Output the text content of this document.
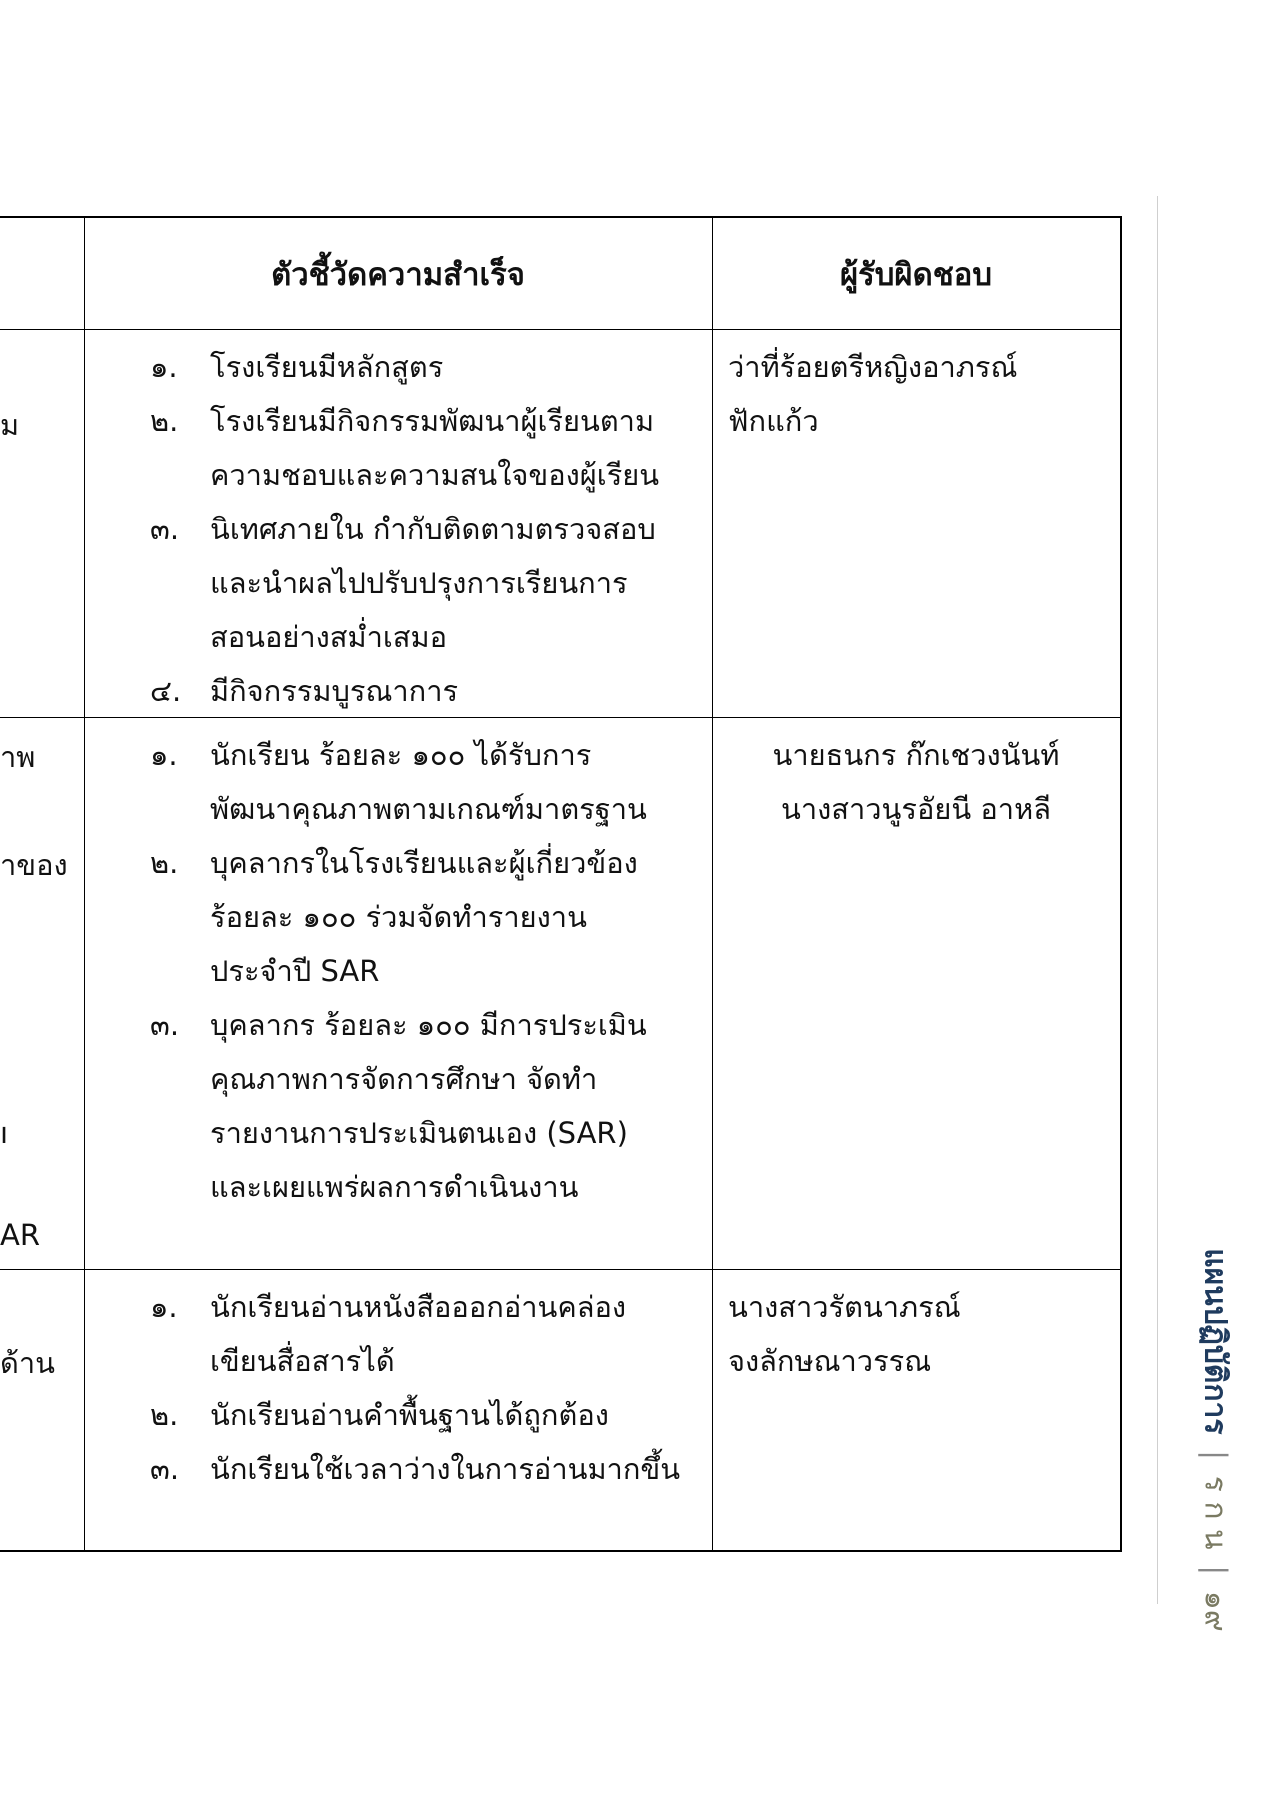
ตัวชี้วัดความสำเร็จ	ผู้รับผิดชอบ
ม
๑. โรงเรียนมีหลักสูตร
๒. โรงเรียนมีกิจกรรมพัฒนาผู้เรียนตาม
ความชอบและความสนใจของผู้เรียน
๓. นิเทศภายใน กำกับติดตามตรวจสอบ
และนำผลไปปรับปรุงการเรียนการ
สอนอย่างสม่ำเสมอ
๔. มีกิจกรรมบูรณาการ
ว่าที่ร้อยตรีหญิงอาภรณ์
ฟักแก้ว
าพ
าของ
ı
AR
๑. นักเรียน ร้อยละ ๑๐๐ ได้รับการ
พัฒนาคุณภาพตามเกณฑ์มาตรฐาน
๒. บุคลากรในโรงเรียนและผู้เกี่ยวข้อง
ร้อยละ ๑๐๐ ร่วมจัดทำรายงาน
ประจำปี SAR
๓. บุคลากร ร้อยละ ๑๐๐ มีการประเมิน
คุณภาพการจัดการศึกษา จัดทำ
รายงานการประเมินตนเอง (SAR)
และเผยแพร่ผลการดำเนินงาน
นายธนกร ก๊กเชวงนันท์
นางสาวนูรอัยนี อาหลี
ด้าน
๑. นักเรียนอ่านหนังสือออกอ่านคล่อง
เขียนสื่อสารได้
๒. นักเรียนอ่านคำพื้นฐานได้ถูกต้อง
๓. นักเรียนใช้เวลาว่างในการอ่านมากขึ้น
นางสาวรัตนาภรณ์
จงลักษณาวรรณ	แผนปฏิบัติการ | ร ก น | ๑๙
